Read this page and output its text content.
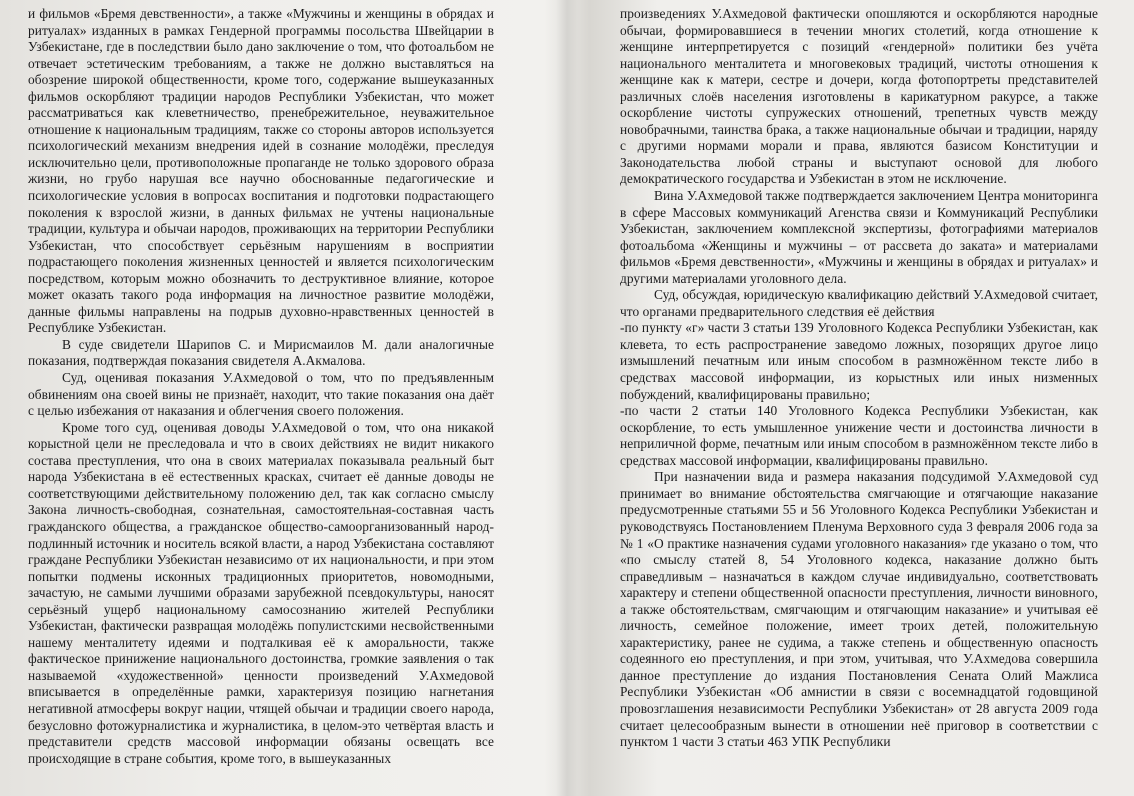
и фильмов «Бремя девственности», а также «Мужчины и женщины в обрядах и ритуалах» изданных в рамках Гендерной программы посольства Швейцарии в Узбекистане, где в последствии было дано заключение о том, что фотоальбом не отвечает эстетическим требованиям, а также не должно выставляться на обозрение широкой общественности, кроме того, содержание вышеуказанных фильмов оскорбляют традиции народов Республики Узбекистан, что может рассматриваться как клеветничество, пренебрежительное, неуважительное отношение к национальным традициям, также со стороны авторов используется психологический механизм внедрения идей в сознание молодёжи, преследуя исключительно цели, противоположные пропаганде не только здорового образа жизни, но грубо нарушая все научно обоснованные педагогические и психологические условия в вопросах воспитания и подготовки подрастающего поколения к взрослой жизни, в данных фильмах не учтены национальные традиции, культура и обычаи народов, проживающих на территории Республики Узбекистан, что способствует серьёзным нарушениям в восприятии подрастающего поколения жизненных ценностей и является психологическим посредством, которым можно обозначить то деструктивное влияние, которое может оказать такого рода информация на личностное развитие молодёжи, данные фильмы направлены на подрыв духовно-нравственных ценностей в Республике Узбекистан.

В суде свидетели Шарипов С. и Мирисмаилов М. дали аналогичные показания, подтверждая показания свидетеля А.Акмалова.

Суд, оценивая показания У.Ахмедовой о том, что по предъявленным обвинениям она своей вины не признаёт, находит, что такие показания она даёт с целью избежания от наказания и облегчения своего положения.

Кроме того суд, оценивая доводы У.Ахмедовой о том, что она никакой корыстной цели не преследовала и что в своих действиях не видит никакого состава преступления, что она в своих материалах показывала реальный быт народа Узбекистана в её естественных красках, считает её данные доводы не соответствующими действительному положению дел, так как согласно смыслу Закона личность-свободная, сознательная, самостоятельная-составная часть гражданского общества, а гражданское общество-самоорганизованный народ-подлинный источник и носитель всякой власти, а народ Узбекистана составляют граждане Республики Узбекистан независимо от их национальности, и при этом попытки подмены исконных традиционных приоритетов, новомодными, зачастую, не самыми лучшими образами зарубежной псевдокультуры, наносят серьёзный ущерб национальному самосознанию жителей Республики Узбекистан, фактически развращая молодёжь популистскими несвойственными нашему менталитету идеями и подталкивая её к аморальности, также фактическое принижение национального достоинства, громкие заявления о так называемой «художественной» ценности произведений У.Ахмедовой вписывается в определённые рамки, характеризуя позицию нагнетания негативной атмосферы вокруг нации, чтящей обычаи и традиции своего народа, безусловно фотожурналистика и журналистика, в целом-это четвёртая власть и представители средств массовой информации обязаны освещать все происходящие в стране события, кроме того, в вышеуказанных

произведениях У.Ахмедовой фактически опошляются и оскорбляются народные обычаи, формировавшиеся в течении многих столетий, когда отношение к женщине интерпретируется с позиций «гендерной» политики без учёта национального менталитета и многовековых традиций, чистоты отношения к женщине как к матери, сестре и дочери, когда фотопортреты представителей различных слоёв населения изготовлены в карикатурном ракурсе, а также оскорбление чистоты супружеских отношений, трепетных чувств между новобрачными, таинства брака, а также национальные обычаи и традиции, наряду с другими нормами морали и права, являются базисом Конституции и Законодательства любой страны и выступают основой для любого демократического государства и Узбекистан в этом не исключение.

Вина У.Ахмедовой также подтверждается заключением Центра мониторинга в сфере Массовых коммуникаций Агенства связи и Коммуникаций Республики Узбекистан, заключением комплексной экспертизы, фотографиями материалов фотоальбома «Женщины и мужчины – от рассвета до заката» и материалами фильмов «Бремя девственности», «Мужчины и женщины в обрядах и ритуалах» и другими материалами уголовного дела.

Суд, обсуждая, юридическую квалификацию действий У.Ахмедовой считает, что органами предварительного следствия её действия

-по пункту «г» части 3 статьи 139 Уголовного Кодекса Республики Узбекистан, как клевета, то есть распространение заведомо ложных, позорящих другое лицо измышлений печатным или иным способом в размножённом тексте либо в средствах массовой информации, из корыстных или иных низменных побуждений, квалифицированы правильно;

-по части 2 статьи 140 Уголовного Кодекса Республики Узбекистан, как оскорбление, то есть умышленное унижение чести и достоинства личности в неприличной форме, печатным или иным способом в размножённом тексте либо в средствах массовой информации, квалифицированы правильно.

При назначении вида и размера наказания подсудимой У.Ахмедовой суд принимает во внимание обстоятельства смягчающие и отягчающие наказание предусмотренные статьями 55 и 56 Уголовного Кодекса Республики Узбекистан и руководствуясь Постановлением Пленума Верховного суда 3 февраля 2006 года за № 1 «О практике назначения судами уголовного наказания» где указано о том, что «по смыслу статей 8, 54 Уголовного кодекса, наказание должно быть справедливым – назначаться в каждом случае индивидуально, соответствовать характеру и степени общественной опасности преступления, личности виновного, а также обстоятельствам, смягчающим и отягчающим наказание» и учитывая её личность, семейное положение, имеет троих детей, положительную характеристику, ранее не судима, а также степень и общественную опасность содеянного ею преступления, и при этом, учитывая, что У.Ахмедова совершила данное преступление до издания Постановления Сената Олий Мажлиса Республики Узбекистан «Об амнистии в связи с восемнадцатой годовщиной провозглашения независимости Республики Узбекистан» от 28 августа 2009 года считает целесообразным вынести в отношении неё приговор в соответствии с пунктом 1 части 3 статьи 463 УПК Республики
